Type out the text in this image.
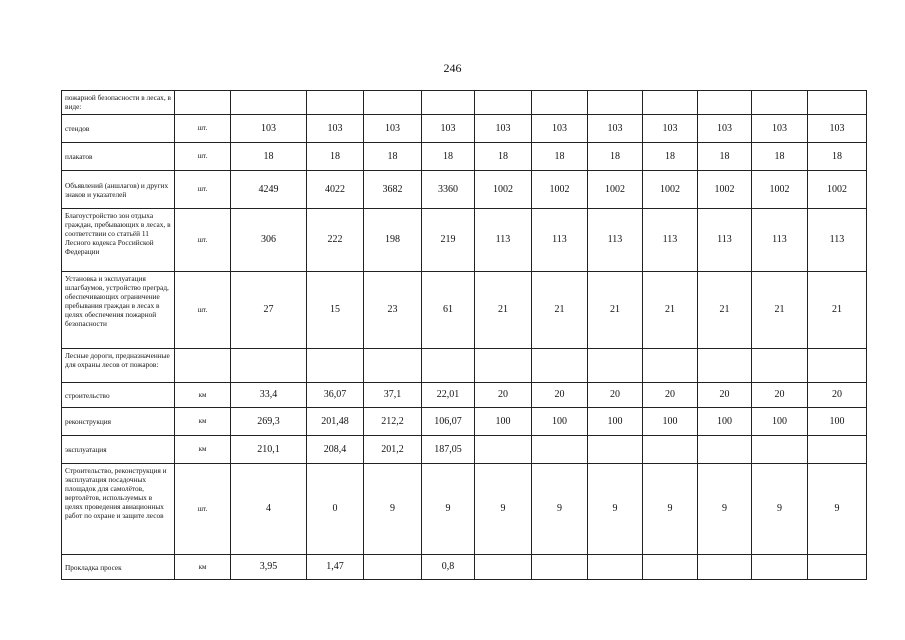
246
пожарной безопасности в лесах, в виде:												
стендов	шт.	103	103	103	103	103	103	103	103	103	103	103
плакатов	шт.	18	18	18	18	18	18	18	18	18	18	18
Объявлений (аншлагов) и других знаков и указателей	шт.	4249	4022	3682	3360	1002	1002	1002	1002	1002	1002	1002
Благоустройство зон отдыха граждан, пребывающих в лесах, в соответствии со статьёй 11 Лесного кодекса Российской Федерации	шт.	306	222	198	219	113	113	113	113	113	113	113
Установка и эксплуатация шлагбаумов, устройство преград, обеспечивающих ограничение пребывания граждан в лесах в целях обеспечения пожарной безопасности	шт.	27	15	23	61	21	21	21	21	21	21	21
Лесные дороги, предназначенные для охраны лесов от пожаров:												
строительство	км	33,4	36,07	37,1	22,01	20	20	20	20	20	20	20
реконструкция	км	269,3	201,48	212,2	106,07	100	100	100	100	100	100	100
эксплуатация	км	210,1	208,4	201,2	187,05							
Строительство, реконструкция и эксплуатация посадочных площадок для самолётов, вертолётов, используемых в целях проведения авиационных работ по охране и защите лесов	шт.	4	0	9	9	9	9	9	9	9	9	9
Прокладка просек	км	3,95	1,47		0,8							
